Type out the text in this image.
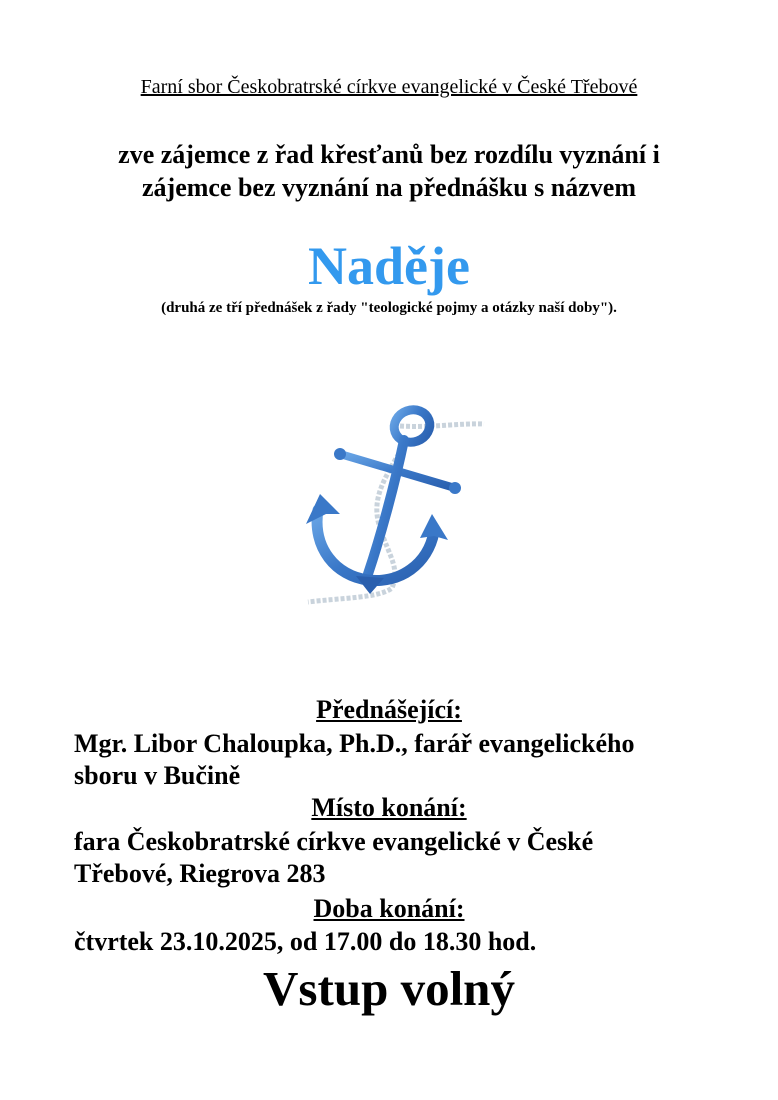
Farní sbor Českobratrské církve evangelické v České Třebové
zve zájemce z řad křesťanů bez rozdílu vyznání i
zájemce bez vyznání na přednášku s názvem
Naděje
(druhá ze tří přednášek z řady "teologické pojmy a otázky naší doby").
Přednášející:
Mgr. Libor Chaloupka, Ph.D., farář evangelického
sboru v Bučině
Místo konání:
fara Českobratrské církve evangelické v České
Třebové, Riegrova 283
Doba konání:
čtvrtek 23.10.2025, od 17.00 do 18.30 hod.
Vstup volný
